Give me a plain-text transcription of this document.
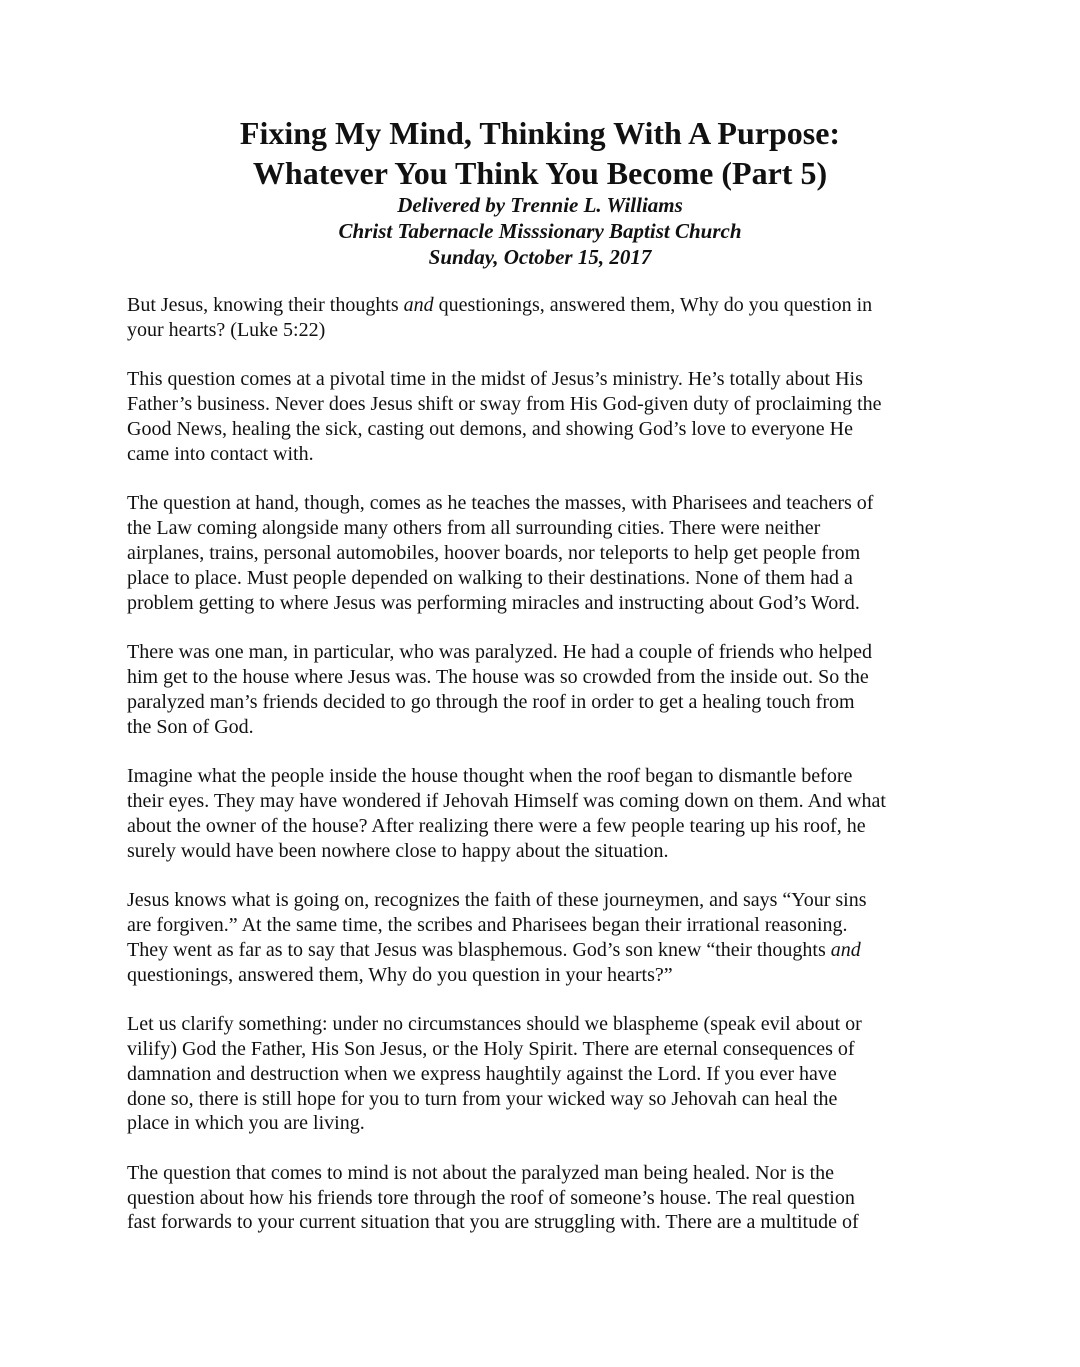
Fixing My Mind, Thinking With A Purpose:
Whatever You Think You Become (Part 5)
Delivered by Trennie L. Williams
Christ Tabernacle Misssionary Baptist Church
Sunday, October 15, 2017
But Jesus, knowing their thoughts and questionings, answered them, Why do you question in
your hearts? (Luke 5:22)
This question comes at a pivotal time in the midst of Jesus’s ministry. He’s totally about His
Father’s business. Never does Jesus shift or sway from His God-given duty of proclaiming the
Good News, healing the sick, casting out demons, and showing God’s love to everyone He
came into contact with.
The question at hand, though, comes as he teaches the masses, with Pharisees and teachers of
the Law coming alongside many others from all surrounding cities. There were neither
airplanes, trains, personal automobiles, hoover boards, nor teleports to help get people from
place to place. Must people depended on walking to their destinations. None of them had a
problem getting to where Jesus was performing miracles and instructing about God’s Word.
There was one man, in particular, who was paralyzed. He had a couple of friends who helped
him get to the house where Jesus was. The house was so crowded from the inside out. So the
paralyzed man’s friends decided to go through the roof in order to get a healing touch from
the Son of God.
Imagine what the people inside the house thought when the roof began to dismantle before
their eyes. They may have wondered if Jehovah Himself was coming down on them. And what
about the owner of the house? After realizing there were a few people tearing up his roof, he
surely would have been nowhere close to happy about the situation.
Jesus knows what is going on, recognizes the faith of these journeymen, and says “Your sins
are forgiven.” At the same time, the scribes and Pharisees began their irrational reasoning.
They went as far as to say that Jesus was blasphemous. God’s son knew “their thoughts and
questionings, answered them, Why do you question in your hearts?”
Let us clarify something: under no circumstances should we blaspheme (speak evil about or
vilify) God the Father, His Son Jesus, or the Holy Spirit. There are eternal consequences of
damnation and destruction when we express haughtily against the Lord. If you ever have
done so, there is still hope for you to turn from your wicked way so Jehovah can heal the
place in which you are living.
The question that comes to mind is not about the paralyzed man being healed. Nor is the
question about how his friends tore through the roof of someone’s house. The real question
fast forwards to your current situation that you are struggling with. There are a multitude of
